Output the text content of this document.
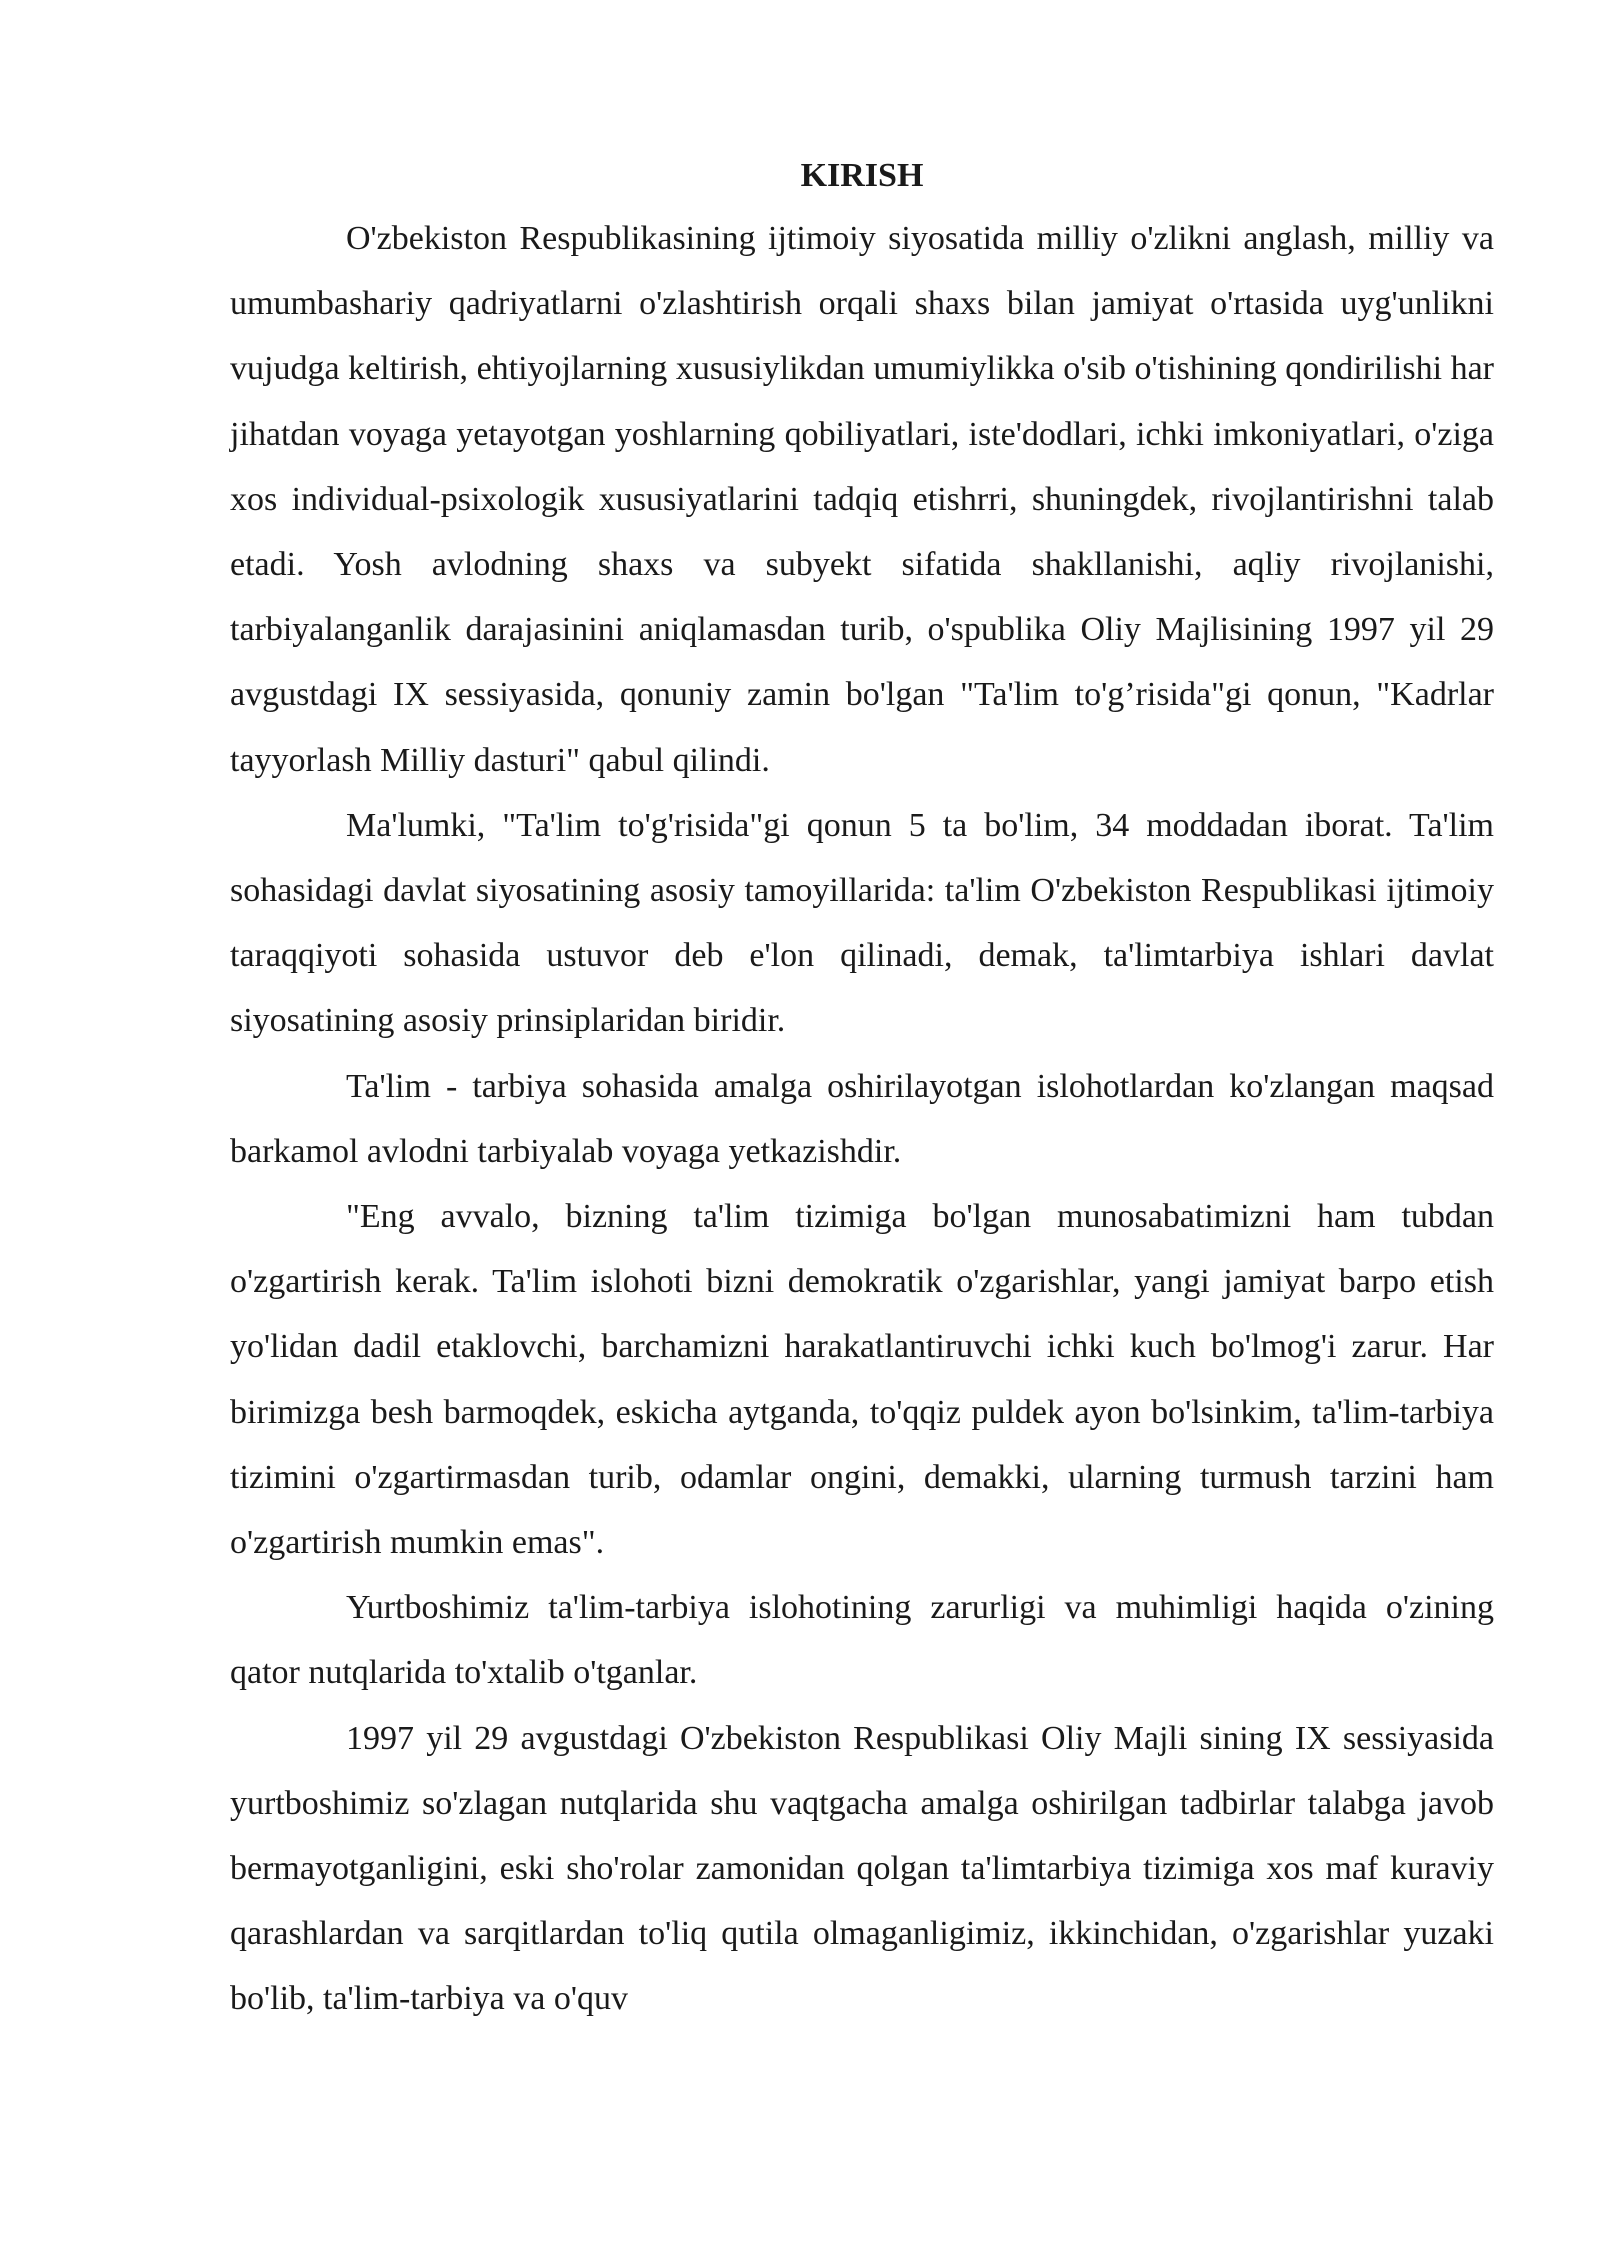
KIRISH

O'zbekiston Respublikasining ijtimoiy siyosatida milliy o'zlikni anglash, milliy va umumbashariy qadriyatlarni o'zlashtirish orqali shaxs bilan jamiyat o'rtasida uyg'unlikni vujudga keltirish, ehtiyojlarning xususiylikdan umumiylikka o'sib o'tishining qondirilishi har jihatdan voyaga yetayotgan yoshlarning qobiliyatlari, iste'dodlari, ichki imkoniyatlari, o'ziga xos individual-psixologik xususiyatlarini tadqiq etishrri, shuningdek, rivojlantirishni talab etadi. Yosh avlodning shaxs va subyekt sifatida shakllanishi, aqliy rivojlanishi, tarbiyalanganlik darajasinini aniqlamasdan turib, o'spublika Oliy Majlisining 1997 yil 29 avgustdagi IX sessiyasida, qonuniy zamin bo'lgan "Ta'lim to'g’risida"gi qonun, "Kadrlar tayyorlash Milliy dasturi" qabul qilindi.

Ma'lumki, "Ta'lim to'g'risida"gi qonun 5 ta bo'lim, 34 moddadan iborat. Ta'lim sohasidagi davlat siyosatining asosiy tamoyillarida: ta'lim O'zbekiston Respublikasi ijtimoiy taraqqiyoti sohasida ustuvor deb e'lon qilinadi, demak, ta'limtarbiya ishlari davlat siyosatining asosiy prinsiplaridan biridir.

Ta'lim - tarbiya sohasida amalga oshirilayotgan islohotlardan ko'zlangan maqsad barkamol avlodni tarbiyalab voyaga yetkazishdir.

"Eng avvalo, bizning ta'lim tizimiga bo'lgan munosabatimizni ham tubdan o'zgartirish kerak. Ta'lim islohoti bizni demokratik o'zgarishlar, yangi jamiyat barpo etish yo'lidan dadil etaklovchi, barchamizni harakatlantiruvchi ichki kuch bo'lmog'i zarur. Har birimizga besh barmoqdek, eskicha aytganda, to'qqiz puldek ayon bo'lsinkim, ta'lim-tarbiya tizimini o'zgartirmasdan turib, odamlar ongini, demakki, ularning turmush tarzini ham o'zgartirish mumkin emas".

Yurtboshimiz ta'lim-tarbiya islohotining zarurligi va muhimligi haqida o'zining qator nutqlarida to'xtalib o'tganlar.

1997 yil 29 avgustdagi O'zbekiston Respublikasi Oliy Majli sining IX sessiyasida yurtboshimiz so'zlagan nutqlarida shu vaqtgacha amalga oshirilgan tadbirlar talabga javob bermayotganligini, eski sho'rolar zamonidan qolgan ta'limtarbiya tizimiga xos maf kuraviy qarashlardan va sarqitlardan to'liq qutila olmaganligimiz, ikkinchidan, o'zgarishlar yuzaki bo'lib, ta'lim-tarbiya va o'quv
